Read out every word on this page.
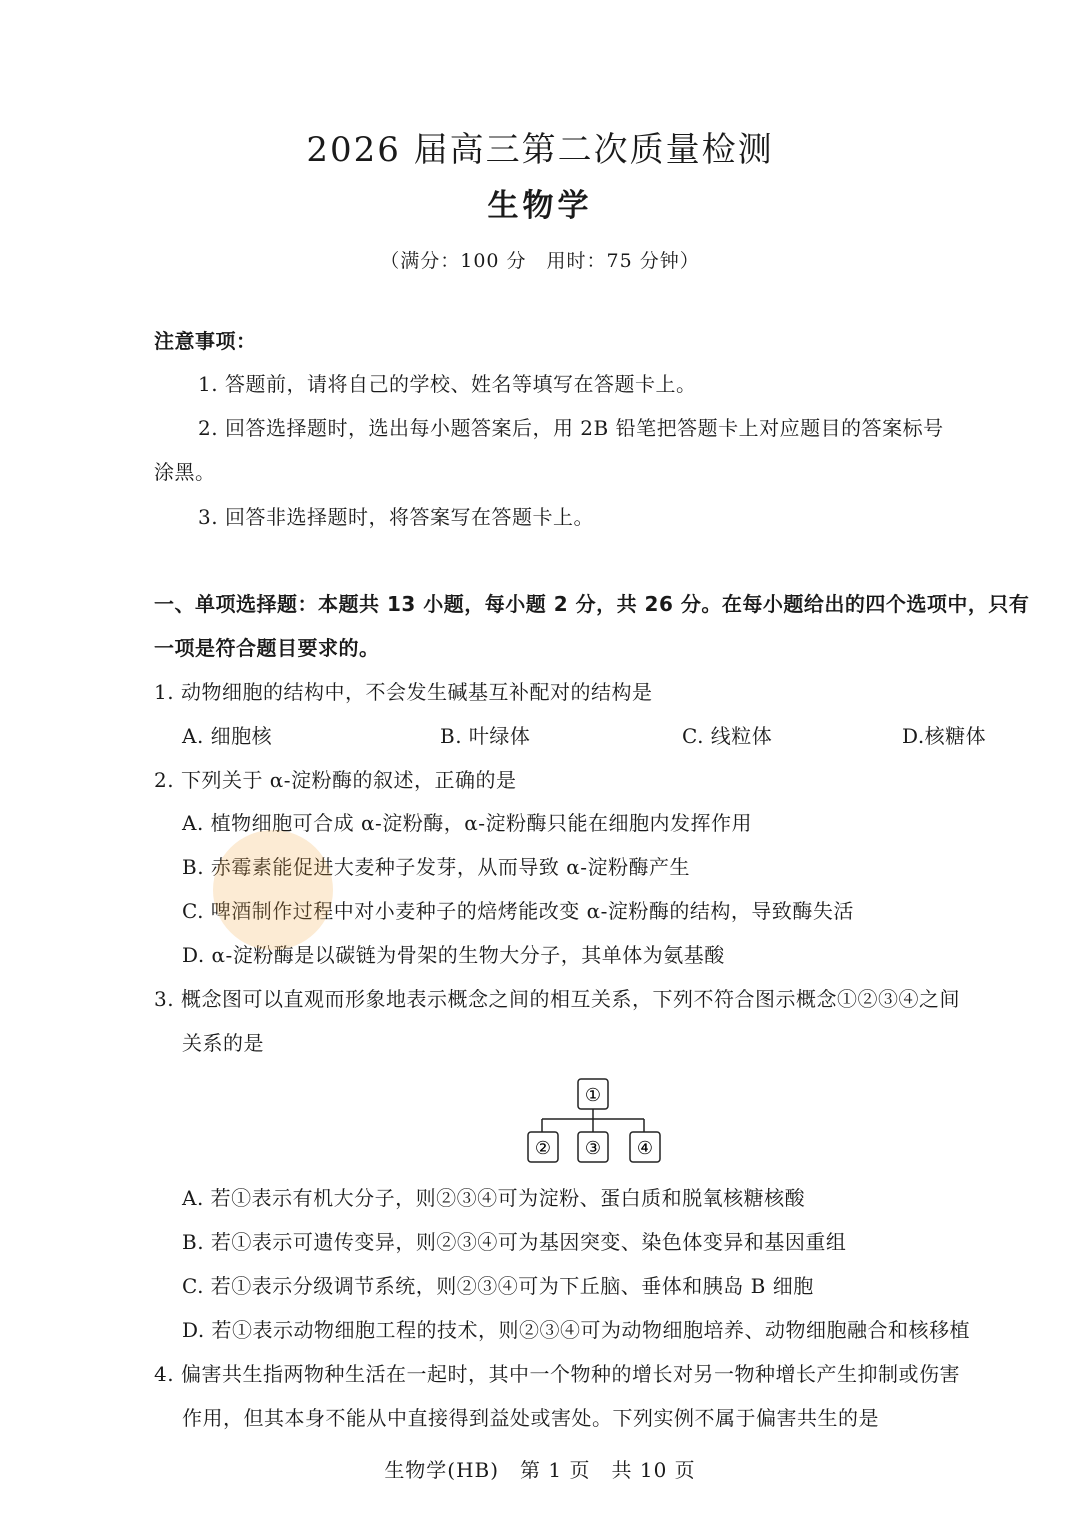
2026 届高三第二次质量检测
生物学
（满分：100 分　用时：75 分钟）
注意事项：
1. 答题前，请将自己的学校、姓名等填写在答题卡上。
2. 回答选择题时，选出每小题答案后，用 2B 铅笔把答题卡上对应题目的答案标号
涂黑。
3. 回答非选择题时，将答案写在答题卡上。
一、单项选择题：本题共 13 小题，每小题 2 分，共 26 分。在每小题给出的四个选项中，只有
一项是符合题目要求的。
1. 动物细胞的结构中，不会发生碱基互补配对的结构是
A. 细胞核	B. 叶绿体	C. 线粒体	D.核糖体
2. 下列关于 α-淀粉酶的叙述，正确的是
A. 植物细胞可合成 α-淀粉酶，α-淀粉酶只能在细胞内发挥作用
B. 赤霉素能促进大麦种子发芽，从而导致 α-淀粉酶产生
C. 啤酒制作过程中对小麦种子的焙烤能改变 α-淀粉酶的结构，导致酶失活
D. α-淀粉酶是以碳链为骨架的生物大分子，其单体为氨基酸
3. 概念图可以直观而形象地表示概念之间的相互关系，下列不符合图示概念①②③④之间
关系的是
①
② ③ ④
A. 若①表示有机大分子，则②③④可为淀粉、蛋白质和脱氧核糖核酸
B. 若①表示可遗传变异，则②③④可为基因突变、染色体变异和基因重组
C. 若①表示分级调节系统，则②③④可为下丘脑、垂体和胰岛 B 细胞
D. 若①表示动物细胞工程的技术，则②③④可为动物细胞培养、动物细胞融合和核移植
4. 偏害共生指两物种生活在一起时，其中一个物种的增长对另一物种增长产生抑制或伤害
作用，但其本身不能从中直接得到益处或害处。下列实例不属于偏害共生的是
生物学(HB)　第 1 页　共 10 页
